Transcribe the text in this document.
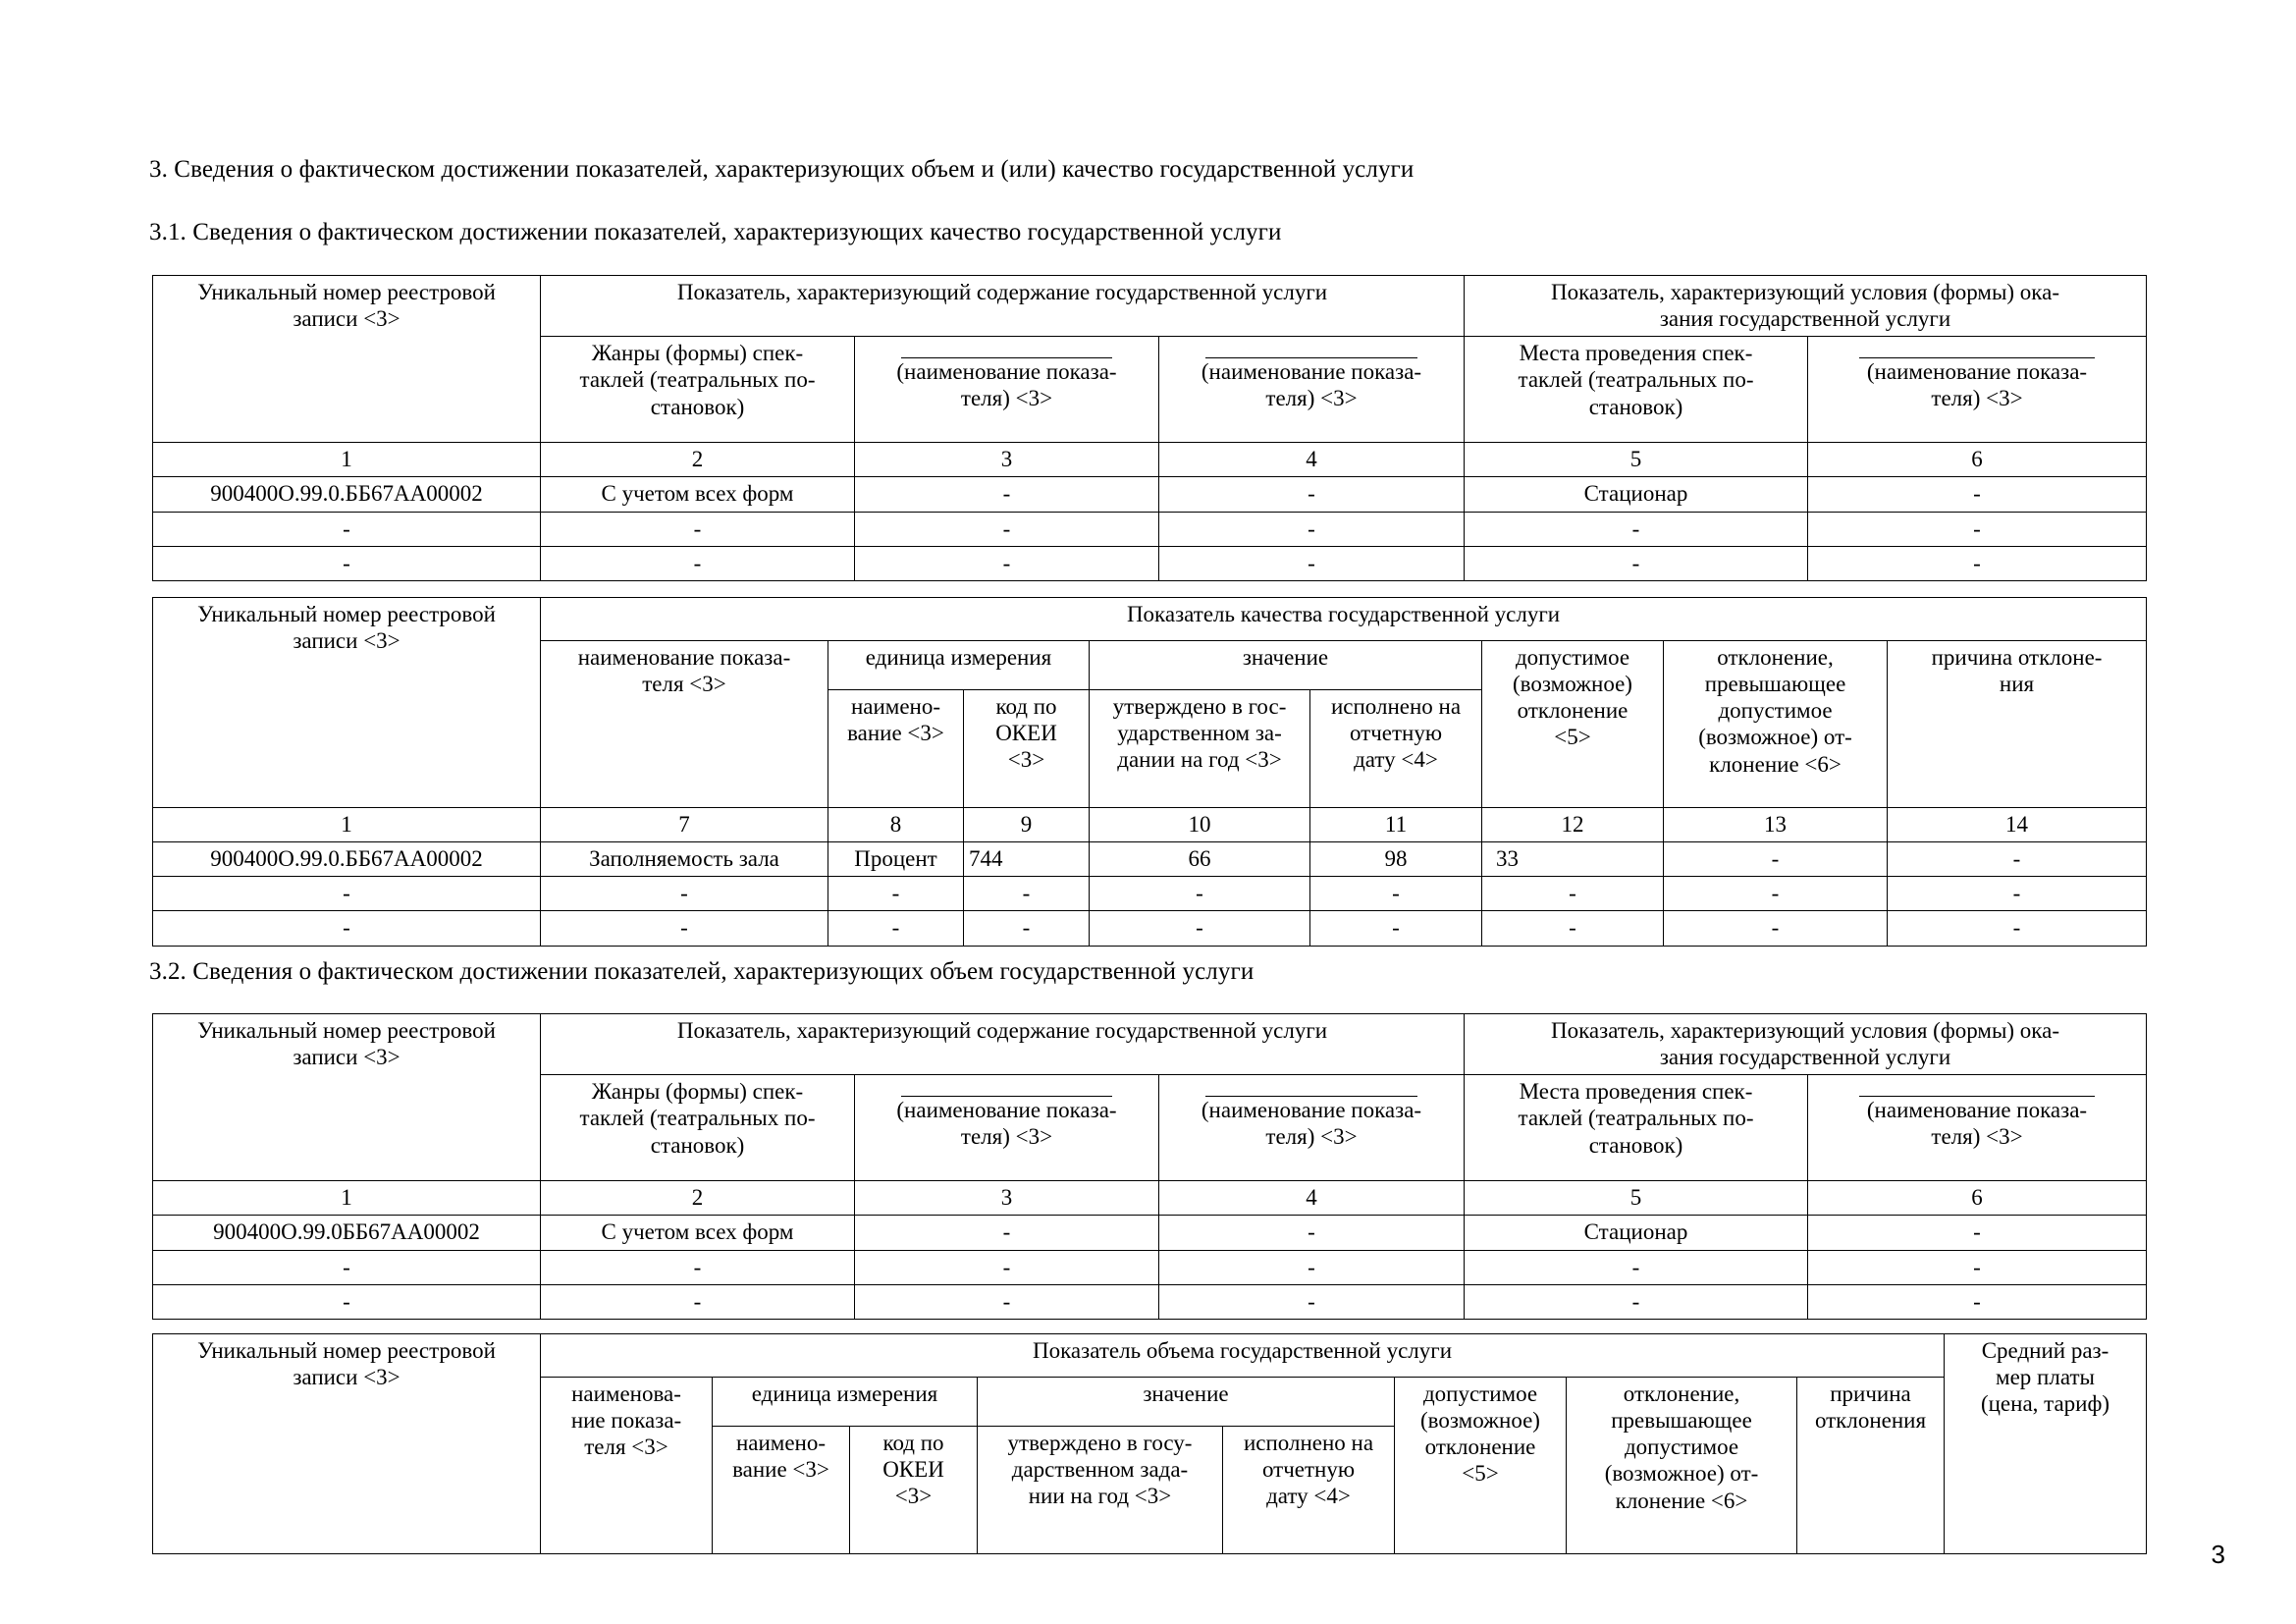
3. Сведения о фактическом достижении показателей, характеризующих объем и (или) качество государственной услуги
3.1. Сведения о фактическом достижении показателей, характеризующих качество государственной услуги
Уникальный номер реестровой
записи <3>	Показатель, характеризующий содержание государственной услуги			Показатель, характеризующий условия (формы) ока-
зания государственной услуги	

	Жанры (формы) спек-
таклей (театральных по-
становок)	(наименование показа-
теля) <3>	(наименование показа-
теля) <3>	Места проведения спек-
таклей (театральных по-
становок)	(наименование показа-
теля) <3>

1	2	3	4	5	6
900400О.99.0.ББ67АА00002	С учетом всех форм	-	-	Стационар	-
-	-	-	-	-	-
-	-	-	-	-	-
Уникальный номер реестровой
записи <3>	Показатель качества государственной услуги							

	наименование показа-
теля <3>	единица измерения		значение		допустимое
(возможное)
отклонение
<5>	отклонение,
превышающее
допустимое
(возможное) от-
клонение <6>	причина отклоне-
ния

		наимено-
вание <3>	код по
ОКЕИ
<3>	утверждено в гос-
ударственном за-
дании на год <3>	исполнено на
отчетную
дату <4>			

1	7	8	9	10	11	12	13	14
900400О.99.0.ББ67АА00002	Заполняемость зала	Процент	744	66	98	33	-	-
-	-	-	-	-	-	-	-	-
-	-	-	-	-	-	-	-	-
3.2. Сведения о фактическом достижении показателей, характеризующих объем государственной услуги
Уникальный номер реестровой
записи <3>	Показатель, характеризующий содержание государственной услуги			Показатель, характеризующий условия (формы) ока-
зания государственной услуги	

	Жанры (формы) спек-
таклей (театральных по-
становок)	(наименование показа-
теля) <3>	(наименование показа-
теля) <3>	Места проведения спек-
таклей (театральных по-
становок)	(наименование показа-
теля) <3>

1	2	3	4	5	6
900400О.99.0ББ67АА00002	С учетом всех форм	-	-	Стационар	-
-	-	-	-	-	-
-	-	-	-	-	-
Уникальный номер реестровой
записи <3>	Показатель объема государственной услуги								Средний раз-
мер платы
(цена, тариф)

	наименова-
ние показа-
теля <3>	единица измерения		значение		допустимое
(возможное)
отклонение
<5>	отклонение,
превышающее
допустимое
(возможное) от-
клонение <6>	причина
отклонения	

		наимено-
вание <3>	код по
ОКЕИ
<3>	утверждено в госу-
дарственном зада-
нии на год <3>	исполнено на
отчетную
дату <4>				
3
